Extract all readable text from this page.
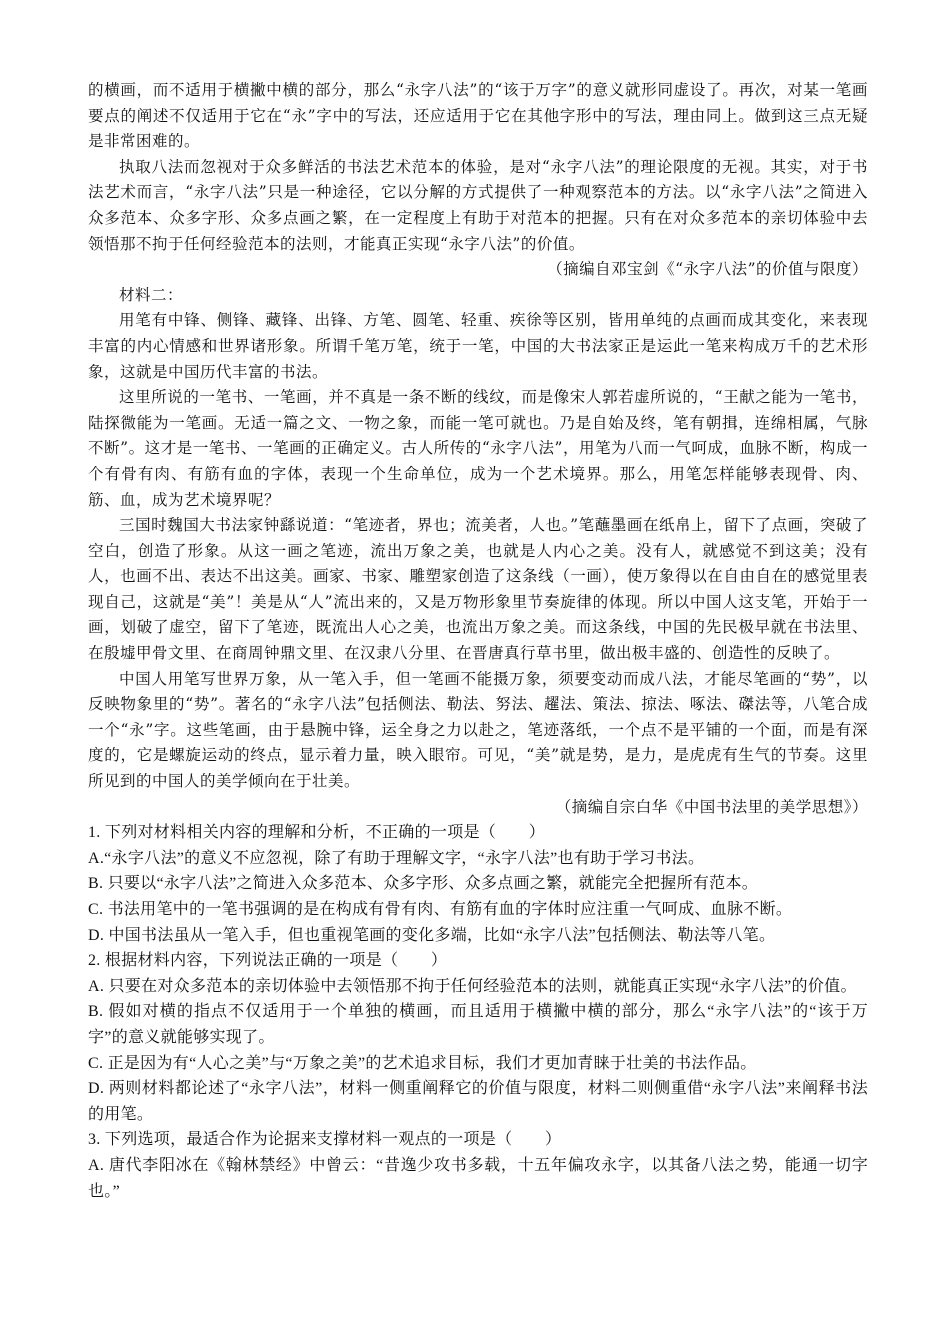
的横画，而不适用于横撇中横的部分，那么“永字八法”的“该于万字”的意义就形同虚设了。再次，对某一笔画要点的阐述不仅适用于它在“永”字中的写法，还应适用于它在其他字形中的写法，理由同上。做到这三点无疑是非常困难的。

执取八法而忽视对于众多鲜活的书法艺术范本的体验，是对“永字八法”的理论限度的无视。其实，对于书法艺术而言，“永字八法”只是一种途径，它以分解的方式提供了一种观察范本的方法。以“永字八法”之简进入众多范本、众多字形、众多点画之繁，在一定程度上有助于对范本的把握。只有在对众多范本的亲切体验中去领悟那不拘于任何经验范本的法则，才能真正实现“永字八法”的价值。

（摘编自邓宝剑《“永字八法”的价值与限度）

材料二：

用笔有中锋、侧锋、藏锋、出锋、方笔、圆笔、轻重、疾徐等区别，皆用单纯的点画而成其变化，来表现丰富的内心情感和世界诸形象。所谓千笔万笔，统于一笔，中国的大书法家正是运此一笔来构成万千的艺术形象，这就是中国历代丰富的书法。

这里所说的一笔书、一笔画，并不真是一条不断的线纹，而是像宋人郭若虚所说的，“王献之能为一笔书，陆探微能为一笔画。无适一篇之文、一物之象，而能一笔可就也。乃是自始及终，笔有朝揖，连绵相属，气脉不断”。这才是一笔书、一笔画的正确定义。古人所传的“永字八法”，用笔为八而一气呵成，血脉不断，构成一个有骨有肉、有筋有血的字体，表现一个生命单位，成为一个艺术境界。那么，用笔怎样能够表现骨、肉、筋、血，成为艺术境界呢？

三国时魏国大书法家钟繇说道：“笔迹者，界也；流美者，人也。”笔蘸墨画在纸帛上，留下了点画，突破了空白，创造了形象。从这一画之笔迹，流出万象之美，也就是人内心之美。没有人，就感觉不到这美；没有人，也画不出、表达不出这美。画家、书家、雕塑家创造了这条线（一画），使万象得以在自由自在的感觉里表现自己，这就是“美”！美是从“人”流出来的，又是万物形象里节奏旋律的体现。所以中国人这支笔，开始于一画，划破了虚空，留下了笔迹，既流出人心之美，也流出万象之美。而这条线，中国的先民极早就在书法里、在殷墟甲骨文里、在商周钟鼎文里、在汉隶八分里、在晋唐真行草书里，做出极丰盛的、创造性的反映了。

中国人用笔写世界万象，从一笔入手，但一笔画不能摄万象，须要变动而成八法，才能尽笔画的“势”，以反映物象里的“势”。著名的“永字八法”包括侧法、勒法、努法、趯法、策法、掠法、啄法、磔法等，八笔合成一个“永”字。这些笔画，由于悬腕中锋，运全身之力以赴之，笔迹落纸，一个点不是平铺的一个面，而是有深度的，它是螺旋运动的终点，显示着力量，映入眼帘。可见，“美”就是势，是力，是虎虎有生气的节奏。这里所见到的中国人的美学倾向在于壮美。

（摘编自宗白华《中国书法里的美学思想》）

1. 下列对材料相关内容的理解和分析，不正确的一项是（　　）

A.“永字八法”的意义不应忽视，除了有助于理解文字，“永字八法”也有助于学习书法。

B. 只要以“永字八法”之简进入众多范本、众多字形、众多点画之繁，就能完全把握所有范本。

C. 书法用笔中的一笔书强调的是在构成有骨有肉、有筋有血的字体时应注重一气呵成、血脉不断。

D. 中国书法虽从一笔入手，但也重视笔画的变化多端，比如“永字八法”包括侧法、勒法等八笔。

2. 根据材料内容，下列说法正确的一项是（　　）

A. 只要在对众多范本的亲切体验中去领悟那不拘于任何经验范本的法则，就能真正实现“永字八法”的价值。

B. 假如对横的指点不仅适用于一个单独的横画，而且适用于横撇中横的部分，那么“永字八法”的“该于万字”的意义就能够实现了。

C. 正是因为有“人心之美”与“万象之美”的艺术追求目标，我们才更加青睐于壮美的书法作品。

D. 两则材料都论述了“永字八法”，材料一侧重阐释它的价值与限度，材料二则侧重借“永字八法”来阐释书法的用笔。

3. 下列选项，最适合作为论据来支撑材料一观点的一项是（　　）

A. 唐代李阳冰在《翰林禁经》中曾云：“昔逸少攻书多载，十五年偏攻永字，以其备八法之势，能通一切字也。”
